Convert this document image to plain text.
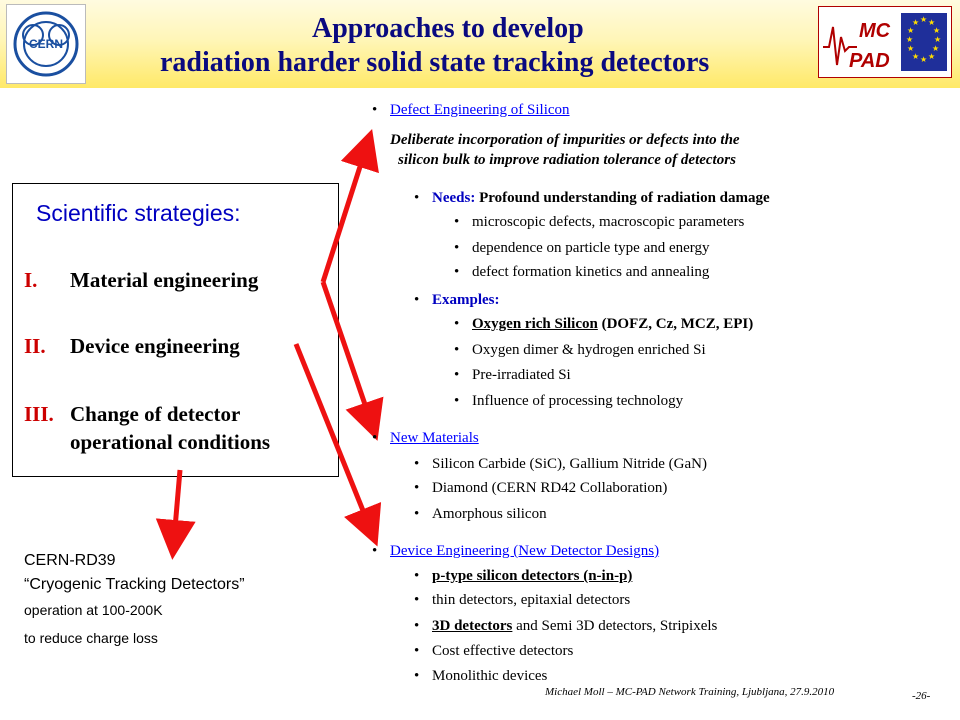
CERN	Approaches to develop
radiation harder solid state tracking detectors
MC
PAD
★ ★
★
★
★
★
★
★
★
★
★
★
Scientific strategies:
I. Material engineering
II. Device engineering
III. Change of detector
operational conditions
CERN-RD39
“Cryogenic Tracking Detectors”
operation at 100-200K
to reduce charge loss
• Defect Engineering of Silicon
Deliberate incorporation of impurities or defects into the
silicon bulk to improve radiation tolerance of detectors
• Needs: Profound understanding of radiation damage
• microscopic defects, macroscopic parameters
• dependence on particle type and energy
• defect formation kinetics and annealing
• Examples:
• Oxygen rich Silicon (DOFZ, Cz, MCZ, EPI)
• Oxygen dimer & hydrogen enriched Si
• Pre-irradiated Si
• Influence of processing technology
• New Materials
• Silicon Carbide (SiC), Gallium Nitride (GaN)
• Diamond (CERN RD42 Collaboration)
• Amorphous silicon
• Device Engineering (New Detector Designs)
• p-type silicon detectors (n-in-p)
• thin detectors, epitaxial detectors
• 3D detectors and Semi 3D detectors, Stripixels
• Cost effective detectors
• Monolithic devices
Michael Moll – MC-PAD Network Training, Ljubljana, 27.9.2010	-26-
